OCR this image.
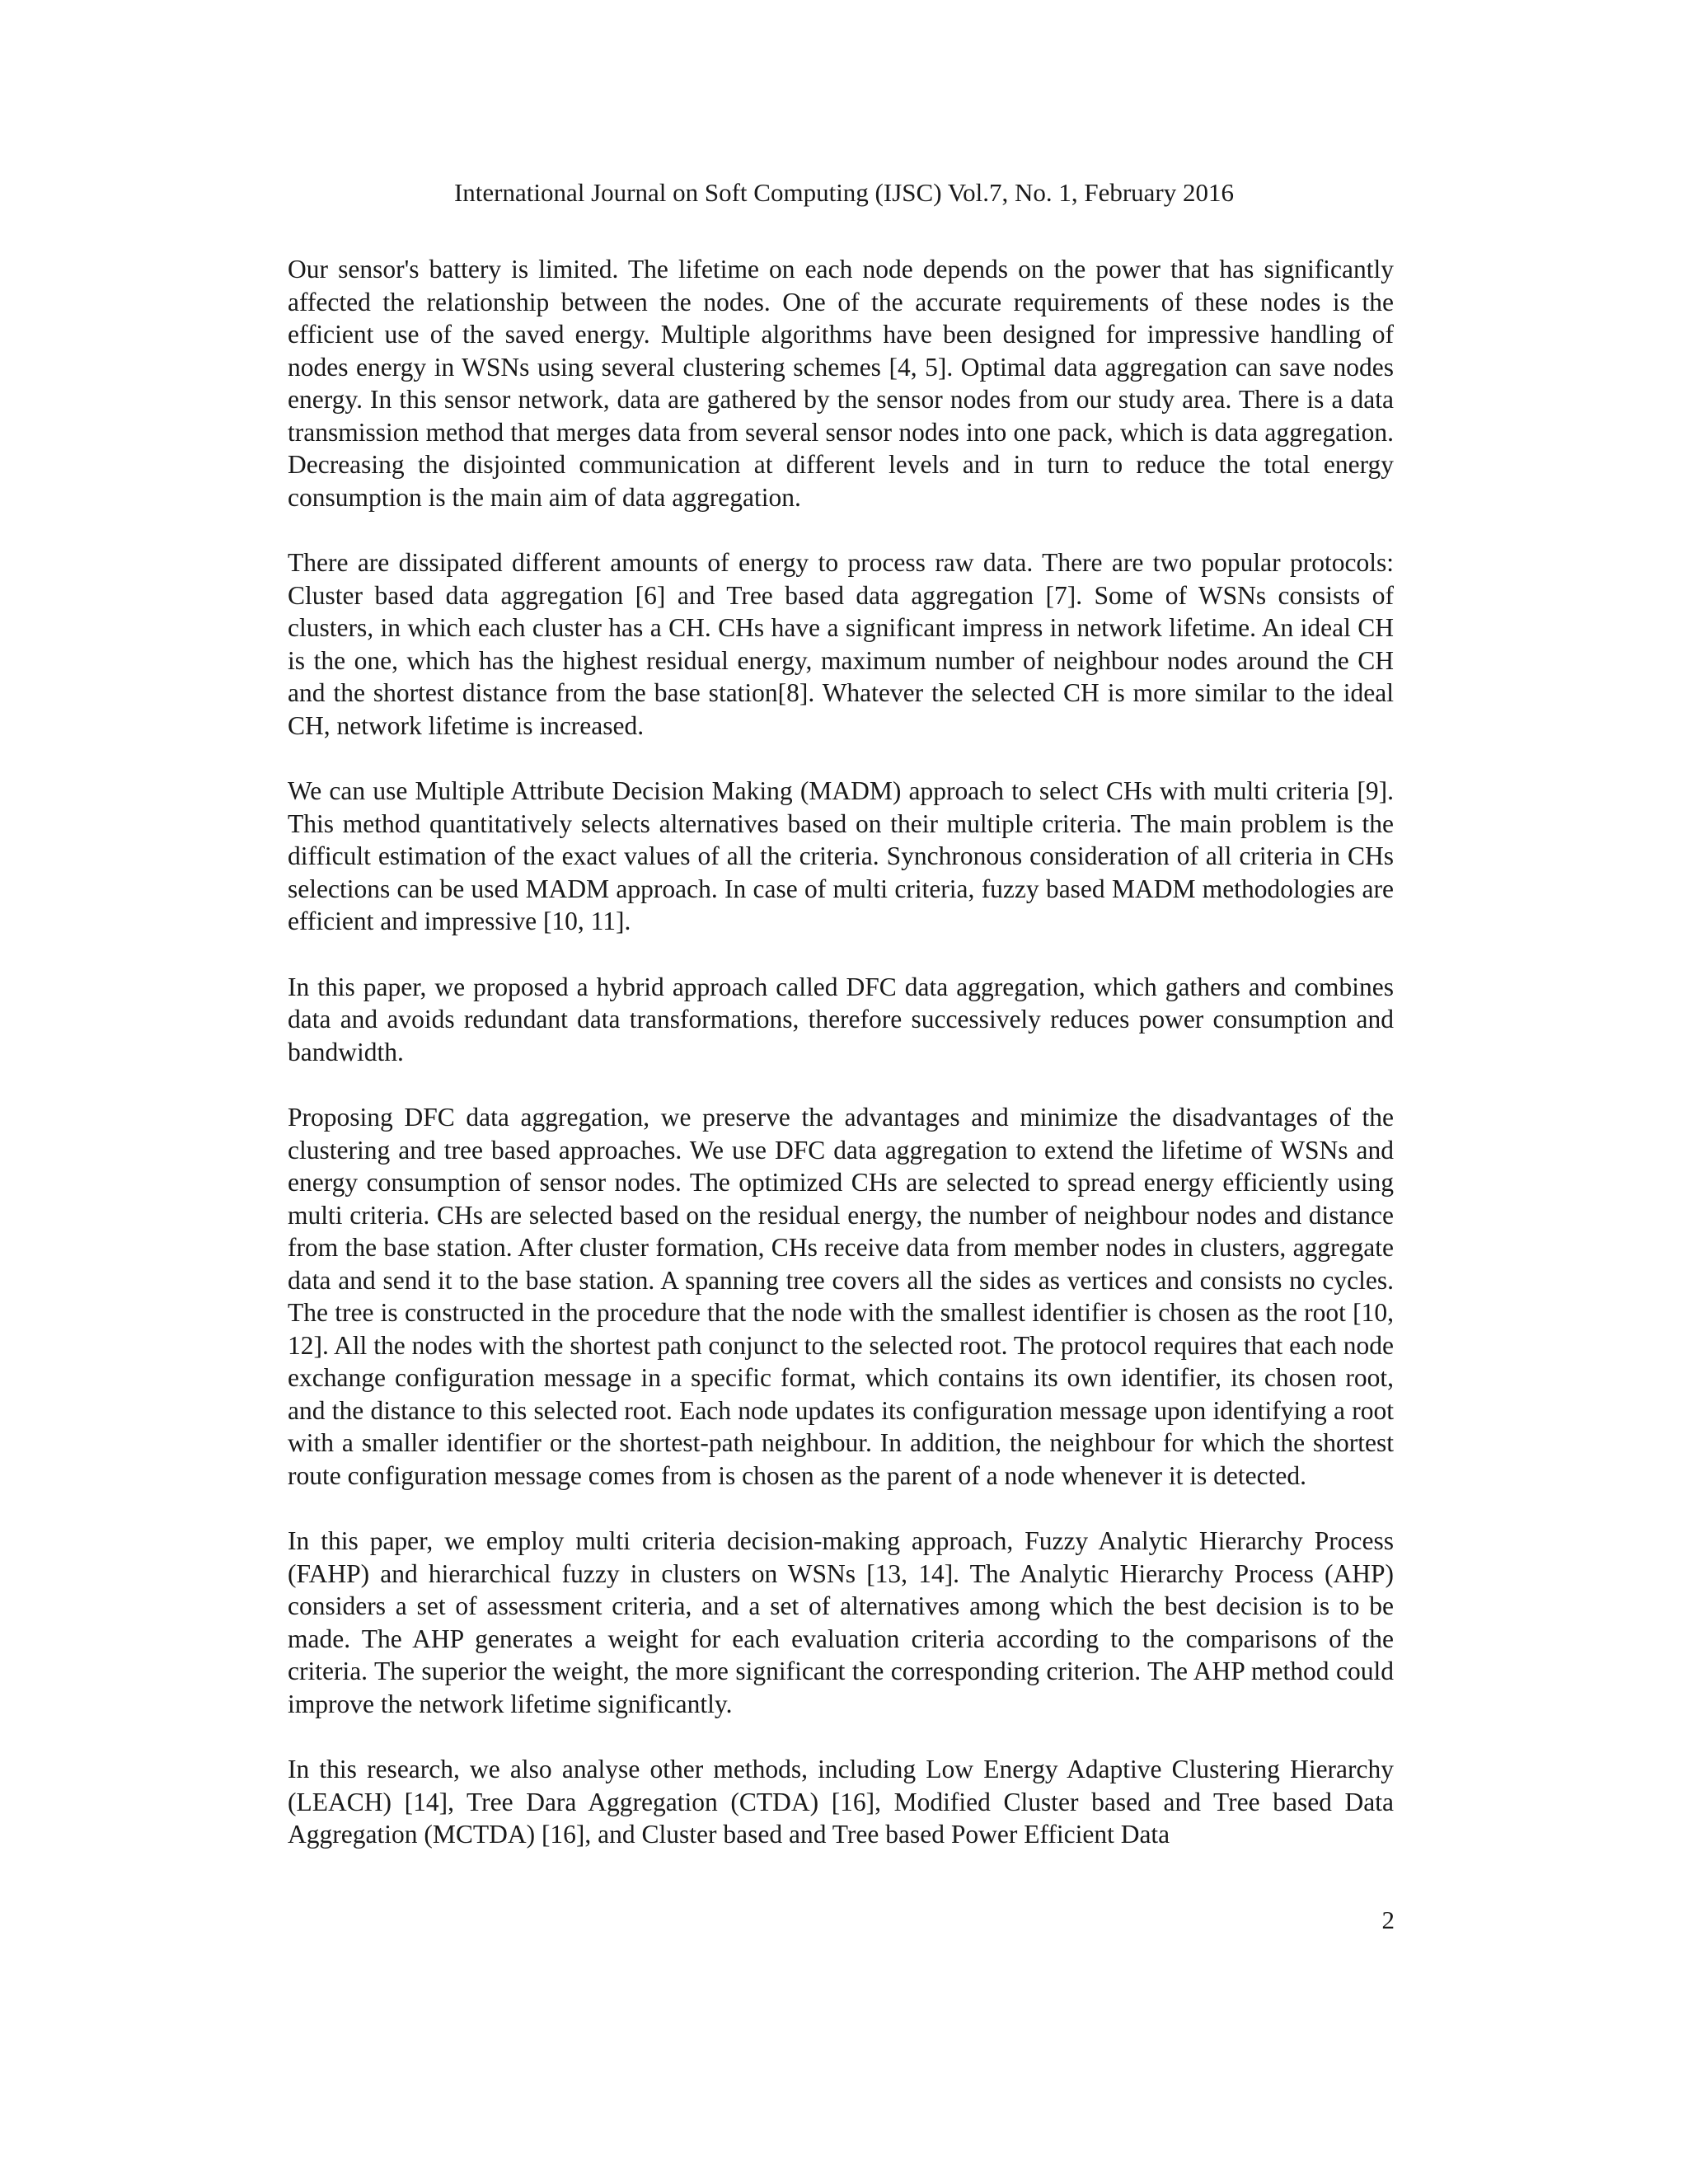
International Journal on Soft Computing (IJSC) Vol.7, No. 1, February 2016

Our sensor's battery is limited. The lifetime on each node depends on the power that has significantly affected the relationship between the nodes. One of the accurate requirements of these nodes is the efficient use of the saved energy. Multiple algorithms have been designed for impressive handling of nodes energy in WSNs using several clustering schemes [4, 5]. Optimal data aggregation can save nodes energy. In this sensor network, data are gathered by the sensor nodes from our study area. There is a data transmission method that merges data from several sensor nodes into one pack, which is data aggregation. Decreasing the disjointed communication at different levels and in turn to reduce the total energy consumption is the main aim of data aggregation.

There are dissipated different amounts of energy to process raw data. There are two popular protocols: Cluster based data aggregation [6] and Tree based data aggregation [7]. Some of WSNs consists of clusters, in which each cluster has a CH. CHs have a significant impress in network lifetime. An ideal CH is the one, which has the highest residual energy, maximum number of neighbour nodes around the CH and the shortest distance from the base station[8]. Whatever the selected CH is more similar to the ideal CH, network lifetime is increased.

We can use Multiple Attribute Decision Making (MADM) approach to select CHs with multi criteria [9]. This method quantitatively selects alternatives based on their multiple criteria. The main problem is the difficult estimation of the exact values of all the criteria. Synchronous consideration of all criteria in CHs selections can be used MADM approach. In case of multi criteria, fuzzy based MADM methodologies are efficient and impressive [10, 11].

In this paper, we proposed a hybrid approach called DFC data aggregation, which gathers and combines data and avoids redundant data transformations, therefore successively reduces power consumption and bandwidth.

Proposing DFC data aggregation, we preserve the advantages and minimize the disadvantages of the clustering and tree based approaches. We use DFC data aggregation to extend the lifetime of WSNs and energy consumption of sensor nodes. The optimized CHs are selected to spread energy efficiently using multi criteria. CHs are selected based on the residual energy, the number of neighbour nodes and distance from the base station. After cluster formation, CHs receive data from member nodes in clusters, aggregate data and send it to the base station. A spanning tree covers all the sides as vertices and consists no cycles. The tree is constructed in the procedure that the node with the smallest identifier is chosen as the root [10, 12]. All the nodes with the shortest path conjunct to the selected root. The protocol requires that each node exchange configuration message in a specific format, which contains its own identifier, its chosen root, and the distance to this selected root. Each node updates its configuration message upon identifying a root with a smaller identifier or the shortest-path neighbour. In addition, the neighbour for which the shortest route configuration message comes from is chosen as the parent of a node whenever it is detected.

In this paper, we employ multi criteria decision-making approach, Fuzzy Analytic Hierarchy Process (FAHP) and hierarchical fuzzy in clusters on WSNs [13, 14]. The Analytic Hierarchy Process (AHP) considers a set of assessment criteria, and a set of alternatives among which the best decision is to be made. The AHP generates a weight for each evaluation criteria according to the comparisons of the criteria. The superior the weight, the more significant the corresponding criterion. The AHP method could improve the network lifetime significantly.

In this research, we also analyse other methods, including Low Energy Adaptive Clustering Hierarchy (LEACH) [14], Tree Dara Aggregation (CTDA) [16], Modified Cluster based and Tree based Data Aggregation (MCTDA) [16], and Cluster based and Tree based Power Efficient Data

2
